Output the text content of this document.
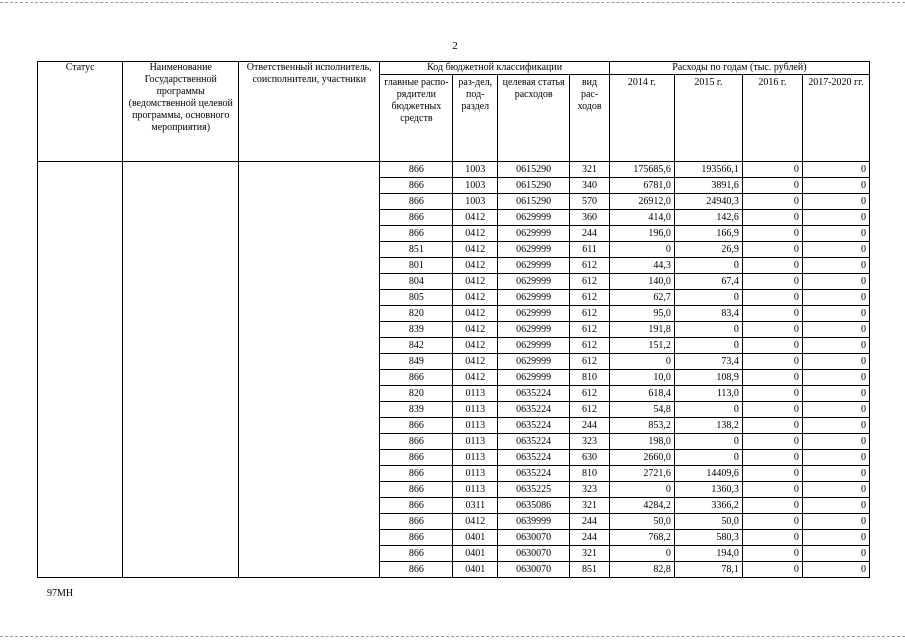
2
Статус	Наименование Государственной программы (ведомственной целевой программы, основного мероприятия)	Ответственный исполнитель, соисполнители, участники	Код бюджетной классификации				Расходы по годам (тыс. рублей)			
			главные распо-рядители бюджетных средств	раз-дел, под-раздел	целевая статья расходов	вид рас-ходов	2014 г.	2015 г.	2016 г.	2017-2020 гг.

			866	1003	0615290	321	175685,6	193566,1	0	0
			866	1003	0615290	340	6781,0	3891,6	0	0
			866	1003	0615290	570	26912,0	24940,3	0	0
			866	0412	0629999	360	414,0	142,6	0	0
			866	0412	0629999	244	196,0	166,9	0	0
			851	0412	0629999	611	0	26,9	0	0
			801	0412	0629999	612	44,3	0	0	0
			804	0412	0629999	612	140,0	67,4	0	0
			805	0412	0629999	612	62,7	0	0	0
			820	0412	0629999	612	95,0	83,4	0	0
			839	0412	0629999	612	191,8	0	0	0
			842	0412	0629999	612	151,2	0	0	0
			849	0412	0629999	612	0	73,4	0	0
			866	0412	0629999	810	10,0	108,9	0	0
			820	0113	0635224	612	618,4	113,0	0	0
			839	0113	0635224	612	54,8	0	0	0
			866	0113	0635224	244	853,2	138,2	0	0
			866	0113	0635224	323	198,0	0	0	0
			866	0113	0635224	630	2660,0	0	0	0
			866	0113	0635224	810	2721,6	14409,6	0	0
			866	0113	0635225	323	0	1360,3	0	0
			866	0311	0635086	321	4284,2	3366,2	0	0
			866	0412	0639999	244	50,0	50,0	0	0
			866	0401	0630070	244	768,2	580,3	0	0
			866	0401	0630070	321	0	194,0	0	0
			866	0401	0630070	851	82,8	78,1	0	0
97МН
